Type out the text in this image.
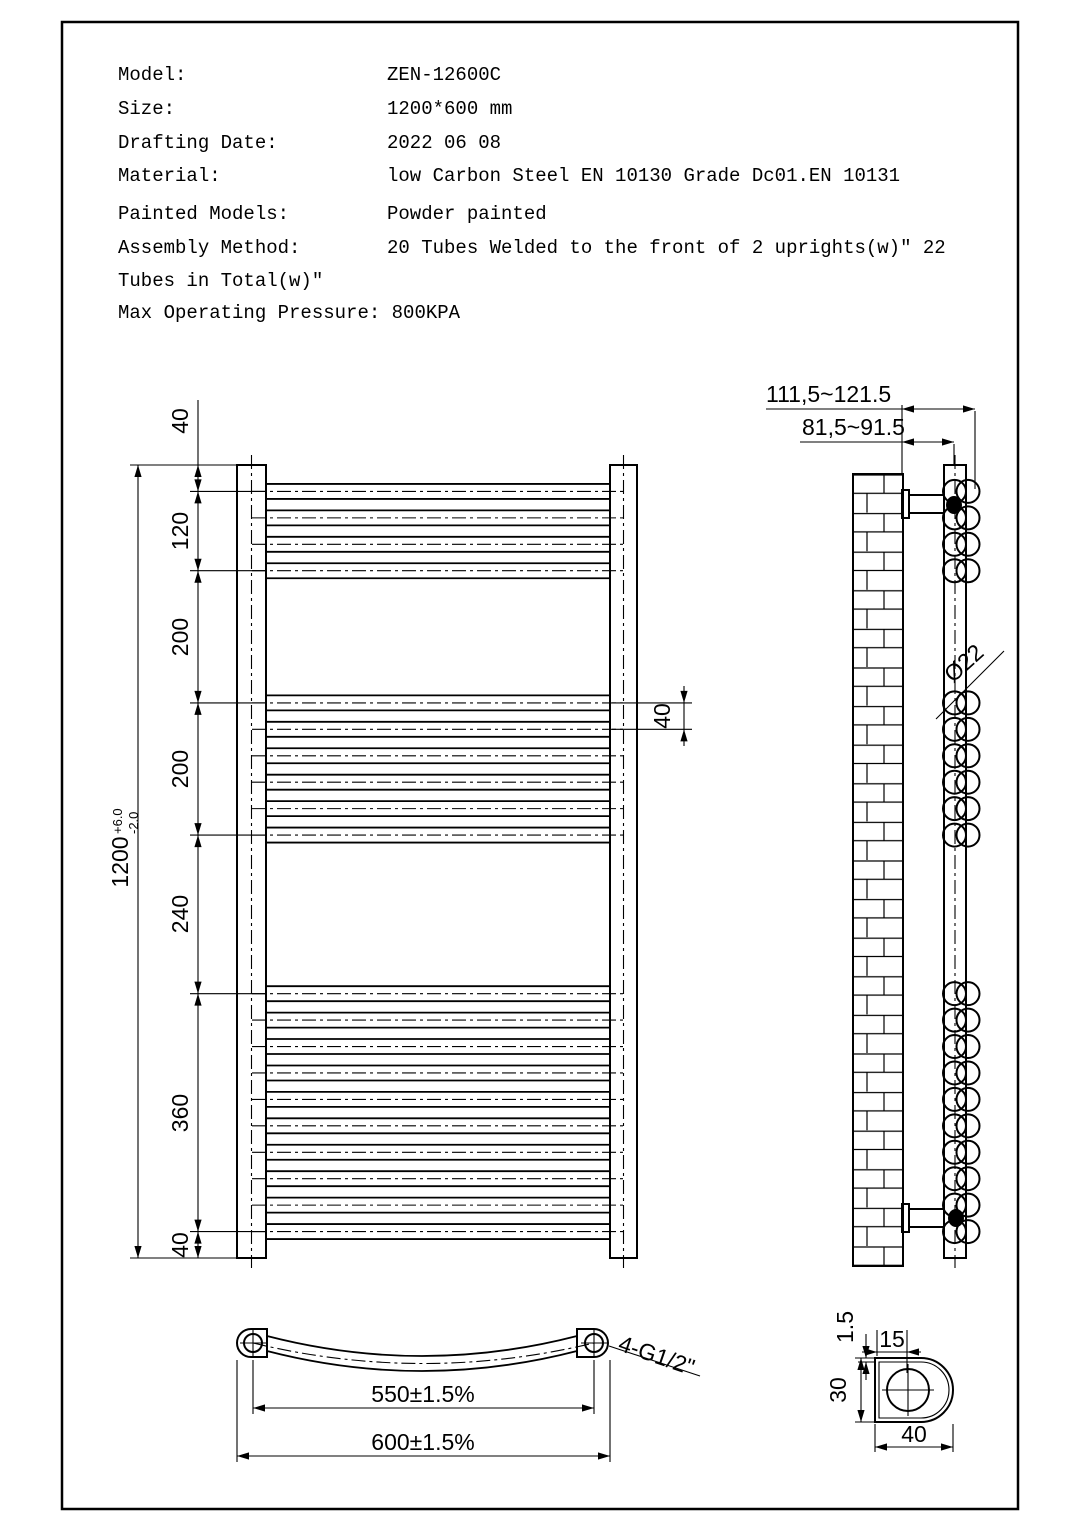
Model:	ZEN-12600C
Size:	1200*600 mm
Drafting Date:	2022 06 08
Material:	low Carbon Steel EN 10130 Grade Dc01.EN 10131
Painted Models:	Powder painted
Assembly Method:	20 Tubes Welded to the front of 2 uprights(w)" 22
Tubes in Total(w)"
Max Operating Pressure: 800KPA
40
120
200
200
240
360
40
1200
+6.0 -2.0
40
111,5~121.5
81,5~91.5
Ø22
550±1.5%
600±1.5%
4-G1/2"
1.5 15
30
40
